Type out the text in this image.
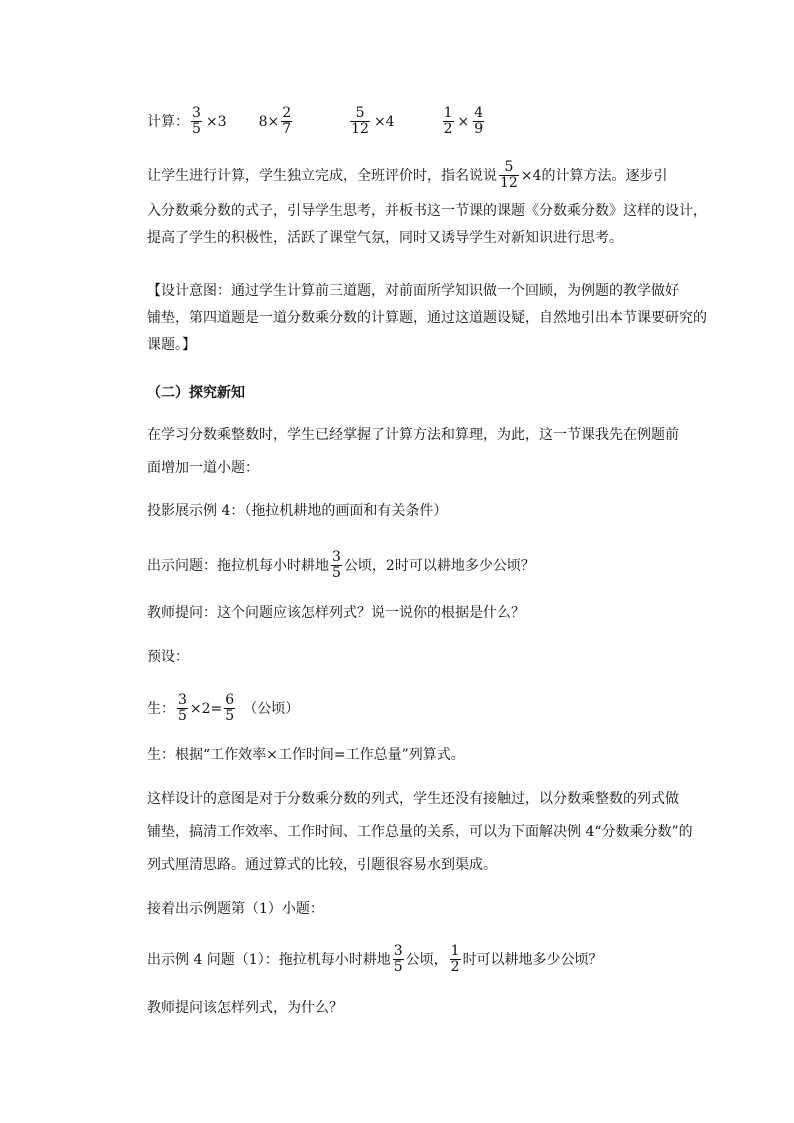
计算： $\frac{3}{5} \times 3$ $8\times \frac{2}{7}$	$\frac{5}{12} \times 4$	$\frac{1}{2} \times \frac{4}{9}$
让学生进行计算，学生独立完成，全班评价时，指名说说 $\frac{5}{12} \times 4$ 的计算方法。逐步引
入分数乘分数的式子，引导学生思考，并板书这一节课的课题《分数乘分数》这样的设计，
提高了学生的积极性，活跃了课堂气氛，同时又诱导学生对新知识进行思考。
【设计意图：通过学生计算前三道题，对前面所学知识做一个回顾，为例题的教学做好
铺垫，第四道题是一道分数乘分数的计算题，通过这道题设疑，自然地引出本节课要研究的
课题。】
（二）探究新知
在学习分数乘整数时，学生已经掌握了计算方法和算理，为此，这一节课我先在例题前
面增加一道小题：
投影展示例 4：（拖拉机耕地的画面和有关条件）
出示问题：拖拉机每小时耕地 $\frac{3}{5}$ 公顷，2时可以耕地多少公顷？
教师提问：这个问题应该怎样列式？说一说你的根据是什么？
预设：
生： $\frac{3}{5} \times 2= \frac{6}{5}$ （公顷）
生：根据“工作效率×工作时间=工作总量”列算式。
这样设计的意图是对于分数乘分数的列式，学生还没有接触过，以分数乘整数的列式做
铺垫，搞清工作效率、工作时间、工作总量的关系，可以为下面解决例 4“分数乘分数”的
列式厘清思路。通过算式的比较，引题很容易水到渠成。
接着出示例题第（1）小题：
出示例 4 问题（1）：拖拉机每小时耕地 $\frac{3}{5}$ 公顷， $\frac{1}{2}$ 时可以耕地多少公顷？
教师提问该怎样列式，为什么？
